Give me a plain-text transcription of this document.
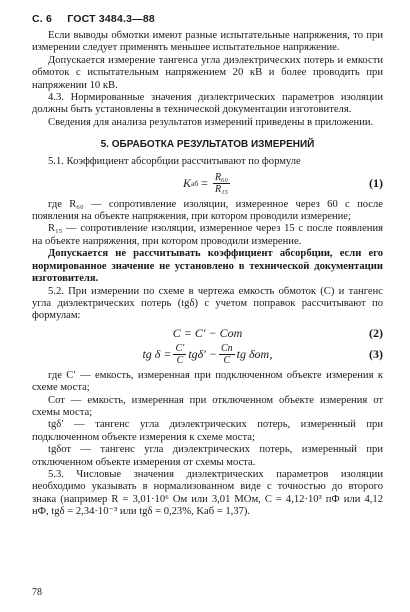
С. 6 ГОСТ 3484.3—88

Если выводы обмотки имеют разные испытательные напряжения, то при измерении следует применять меньшее испытательное напряжение.

Допускается измерение тангенса угла диэлектрических потерь и емкости обмоток с испытательным напряжением 20 кВ и более проводить при напряжении 10 кВ.

4.3. Нормированные значения диэлектрических параметров изоляции должны быть установлены в технической документации изготовителя.

Сведения для анализа результатов измерений приведены в приложении.

5. ОБРАБОТКА РЕЗУЛЬТАТОВ ИЗМЕРЕНИЙ

5.1. Коэффициент абсорбции рассчитывают по формуле

K аб = $\frac{\text{R₆₀}}{\text{R₁₅}}$	(1)

где R₆₀ — сопротивление изоляции, измеренное через 60 с после появления на объекте напряжения, при котором проводили измерение;

R₁₅ — сопротивление изоляции, измеренное через 15 с после появления на объекте напряжения, при котором проводили измерение.

Допускается не рассчитывать коэффициент абсорбции, если его нормированное значение не установлено в технической документации изготовителя.

5.2. При измерении по схеме в чертежа емкость обмоток (C) и тангенс угла диэлектрических потерь (tgδ) с учетом поправок рассчитывают по формулам:

C = C′ − Cот	(2)
tg $\delta = \frac{C'}{C} tg\delta' - \frac{Cп}{C}$ tg δот,	(3)

где C′ — емкость, измеренная при подключенном объекте измерения к схеме моста;

Cот — емкость, измеренная при отключенном объекте измерения от схемы моста;

tgδ′ — тангенс угла диэлектрических потерь, измеренный при подключенном объекте измерения к схеме моста;

tgδот — тангенс угла диэлектрических потерь, измеренный при отключенном объекте измерения от схемы моста.

5.3. Числовые значения диэлектрических параметров изоляции необходимо указывать в нормализованном виде с точностью до второго знака (например R = 3,01·10⁶ Ом или 3,01 МОм, C = 4,12·10³ пФ или 4,12 нФ, tgδ = 2,34·10⁻³ или tgδ = 0,23%, Kаб = 1,37).

78
